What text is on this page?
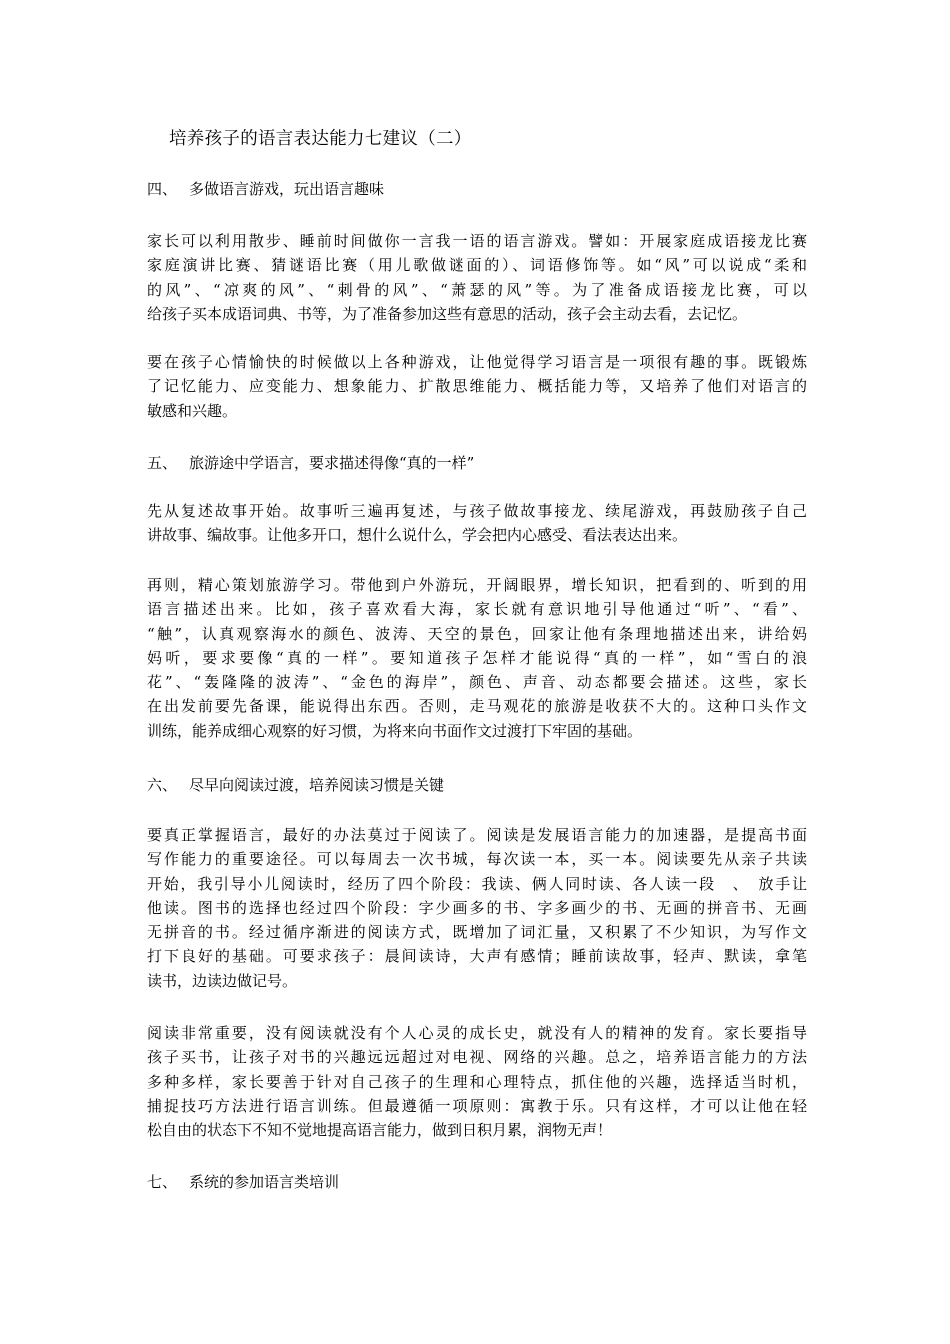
培养孩子的语言表达能力七建议（二）
四、 多做语言游戏，玩出语言趣味
家长可以利用散步、睡前时间做你一言我一语的语言游戏。譬如：开展家庭成语接龙比赛
家庭演讲比赛、猜谜语比赛（用儿歌做谜面的）、词语修饰等。如“风”可以说成“柔和
的风”、“凉爽的风”、“刺骨的风”、“萧瑟的风”等。为了准备成语接龙比赛，可以
给孩子买本成语词典、书等，为了准备参加这些有意思的活动，孩子会主动去看，去记忆。
要在孩子心情愉快的时候做以上各种游戏，让他觉得学习语言是一项很有趣的事。既锻炼
了记忆能力、应变能力、想象能力、扩散思维能力、概括能力等，又培养了他们对语言的
敏感和兴趣。
五、 旅游途中学语言，要求描述得像“真的一样”
先从复述故事开始。故事听三遍再复述，与孩子做故事接龙、续尾游戏，再鼓励孩子自己
讲故事、编故事。让他多开口，想什么说什么，学会把内心感受、看法表达出来。
再则，精心策划旅游学习。带他到户外游玩，开阔眼界，增长知识，把看到的、听到的用
语言描述出来。比如，孩子喜欢看大海，家长就有意识地引导他通过“听”、“看”、
“触”，认真观察海水的颜色、波涛、天空的景色，回家让他有条理地描述出来，讲给妈
妈听，要求要像“真的一样”。要知道孩子怎样才能说得“真的一样”，如“雪白的浪
花”、“轰隆隆的波涛”、“金色的海岸”，颜色、声音、动态都要会描述。这些，家长
在出发前要先备课，能说得出东西。否则，走马观花的旅游是收获不大的。这种口头作文
训练，能养成细心观察的好习惯，为将来向书面作文过渡打下牢固的基础。
六、 尽早向阅读过渡，培养阅读习惯是关键
要真正掌握语言，最好的办法莫过于阅读了。阅读是发展语言能力的加速器，是提高书面
写作能力的重要途径。可以每周去一次书城，每次读一本，买一本。阅读要先从亲子共读
开始，我引导小儿阅读时，经历了四个阶段：我读、俩人同时读、各人读一段　、　放手让
他读。图书的选择也经过四个阶段：字少画多的书、字多画少的书、无画的拼音书、无画
无拼音的书。经过循序渐进的阅读方式，既增加了词汇量，又积累了不少知识，为写作文
打下良好的基础。可要求孩子：晨间读诗，大声有感情；睡前读故事，轻声、默读，拿笔
读书，边读边做记号。
阅读非常重要，没有阅读就没有个人心灵的成长史，就没有人的精神的发育。家长要指导
孩子买书，让孩子对书的兴趣远远超过对电视、网络的兴趣。总之，培养语言能力的方法
多种多样，家长要善于针对自己孩子的生理和心理特点，抓住他的兴趣，选择适当时机，
捕捉技巧方法进行语言训练。但最遵循一项原则：寓教于乐。只有这样，才可以让他在轻
松自由的状态下不知不觉地提高语言能力，做到日积月累，润物无声！
七、 系统的参加语言类培训
